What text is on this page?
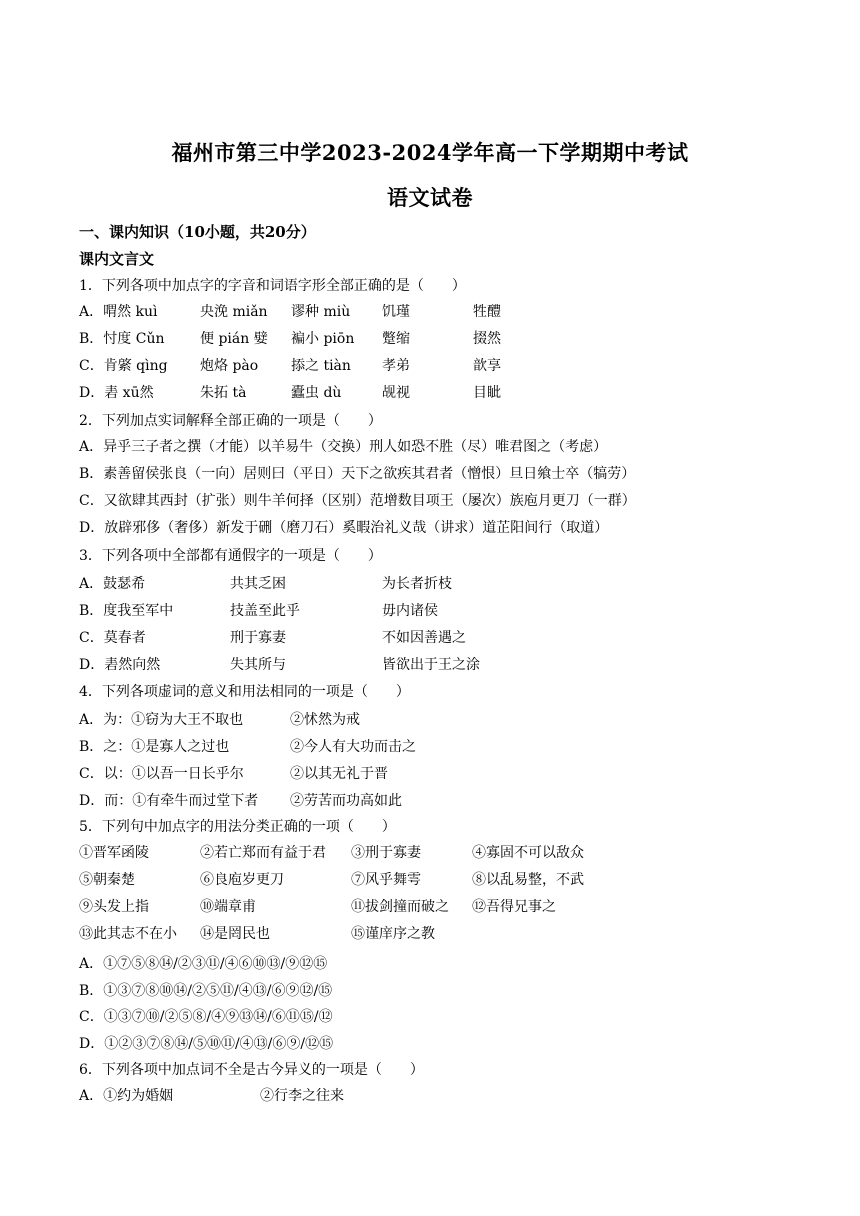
福州市第三中学2023-2024学年高一下学期期中考试
语文试卷
一、课内知识（10小题，共20分）
课内文言文
1．下列各项中加点字的字音和词语字形全部正确的是（　　）
A．喟然 kuì	央浼 miǎn 谬种 miù 饥瑾	牲醴
B．忖度 Cǔn	便 pián 嬖 褊小 piōn 蹩缩	掇然
C．肯綮 qìng 炮烙 pào 掭之 tiàn 孝弟	歆享
D．砉 xū然	朱拓 tà	蠹虫 dù	觇视	目眦
2．下列加点实词解释全部正确的一项是（　　）
A．异乎三子者之撰（才能）以羊易牛（交换）刑人如恐不胜（尽）唯君图之（考虑）
B．素善留侯张良（一向）居则曰（平日）天下之欲疾其君者（憎恨）旦日飨士卒（犒劳）
C．又欲肆其西封（扩张）则牛羊何择（区别）范增数目项王（屡次）族庖月更刀（一群）
D．放辟邪侈（奢侈）新发于硎（磨刀石）奚暇治礼义哉（讲求）道芷阳间行（取道）
3．下列各项中全部都有通假字的一项是（　　）
A．鼓瑟希	共其乏困	为长者折枝
B．度我至军中	技盖至此乎	毋内诸侯
C．莫春者	刑于寡妻	不如因善遇之
D．砉然向然	失其所与	皆欲出于王之涂
4．下列各项虚词的意义和用法相同的一项是（　　）
A．为：①窃为大王不取也	②怵然为戒
B．之：①是寡人之过也	②今人有大功而击之
C．以：①以吾一日长乎尔	②以其无礼于晋
D．而：①有牵牛而过堂下者 ②劳苦而功高如此
5．下列句中加点字的用法分类正确的一项（　　）
①晋军函陵	②若亡郑而有益于君 ③刑于寡妻	④寡固不可以敌众
⑤朝秦楚	⑥良庖岁更刀	⑦风乎舞雩	⑧以乱易整，不武
⑨头发上指	⑩端章甫	⑪拔剑撞而破之 ⑫吾得兄事之
⑬此其志不在小 ⑭是罔民也	⑮谨庠序之教
A．①⑦⑤⑧⑭/②③⑪/④⑥⑩⑬/⑨⑫⑮
B．①③⑦⑧⑩⑭/②⑤⑪/④⑬/⑥⑨⑫/⑮
C．①③⑦⑩/②⑤⑧/④⑨⑬⑭/⑥⑪⑮/⑫
D．①②③⑦⑧⑭/⑤⑩⑪/④⑬/⑥⑨/⑫⑮
6．下列各项中加点词不全是古今异义的一项是（　　）
A．①约为婚姻	②行李之往来
